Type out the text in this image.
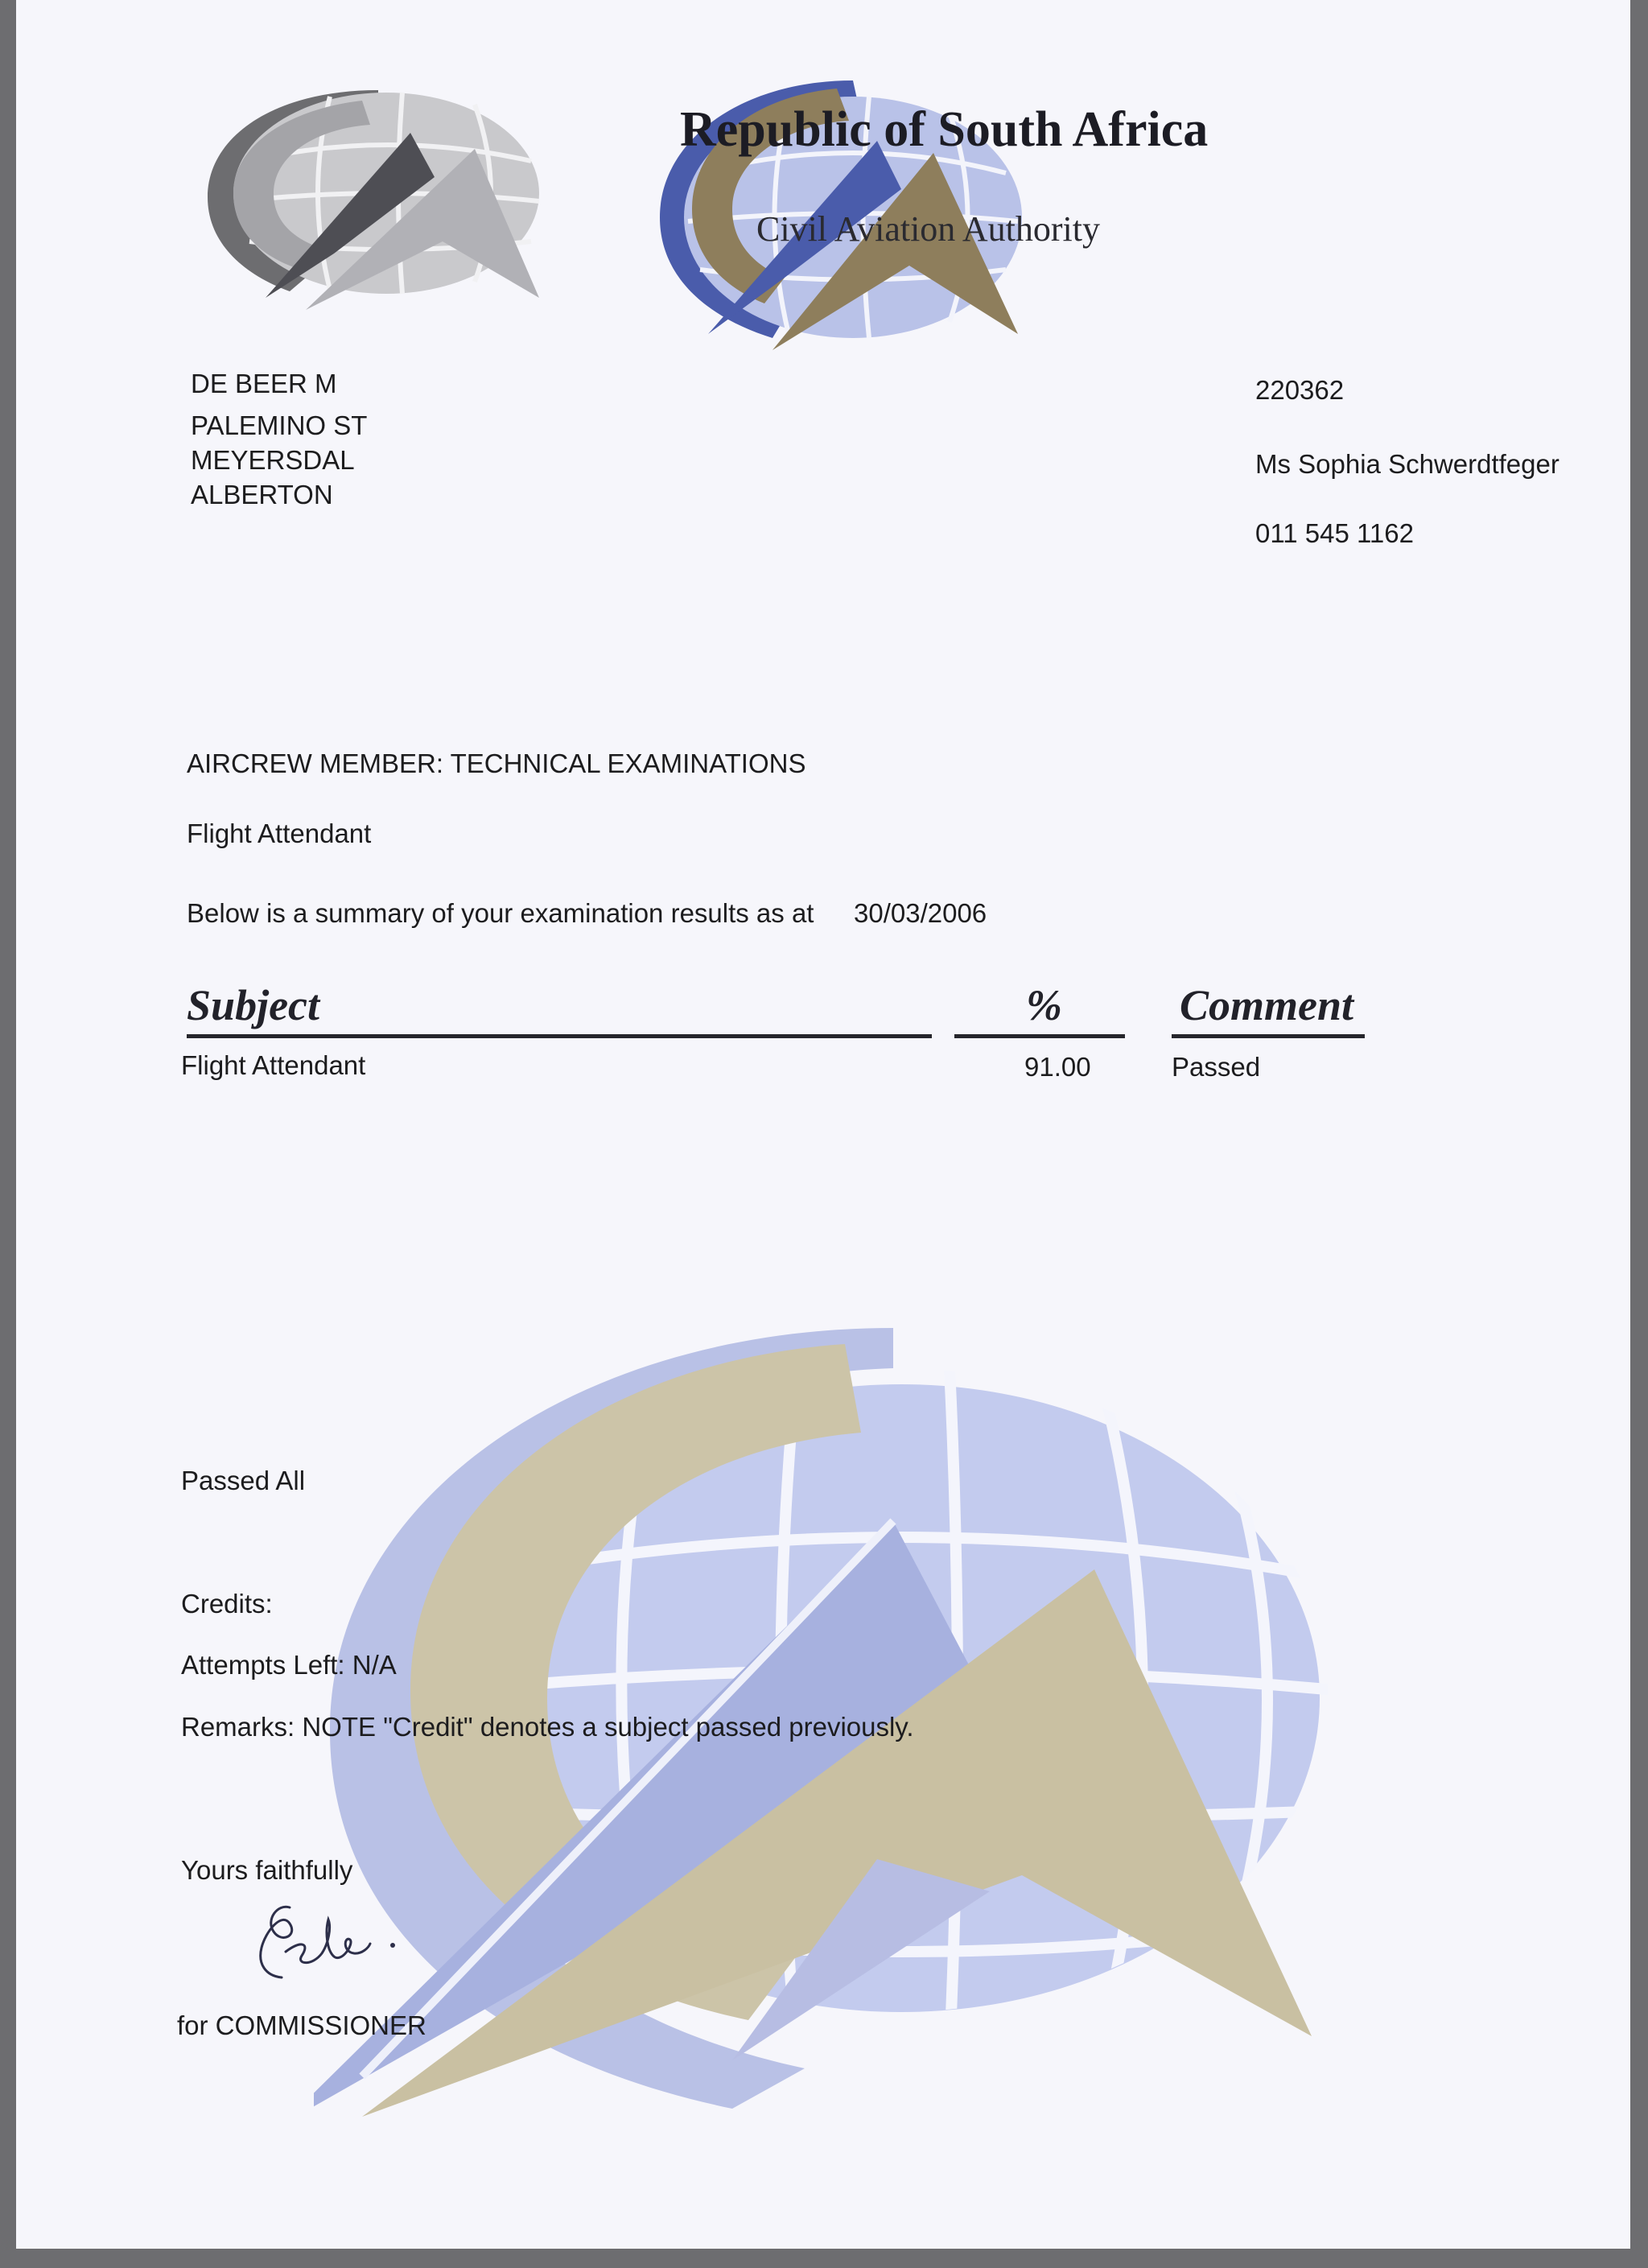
Republic of South Africa
Civil Aviation Authority
DE BEER M
PALEMINO ST
MEYERSDAL
ALBERTON
220362
Ms Sophia Schwerdtfeger
011 545 1162
AIRCREW MEMBER: TECHNICAL EXAMINATIONS
Flight Attendant
Below is a summary of your examination results as at 30/03/2006
Subject	%	Comment
Flight Attendant	91.00	Passed
Passed All
Credits:
Attempts Left: N/A
Remarks: NOTE "Credit" denotes a subject passed previously.
Yours faithfully
for COMMISSIONER
